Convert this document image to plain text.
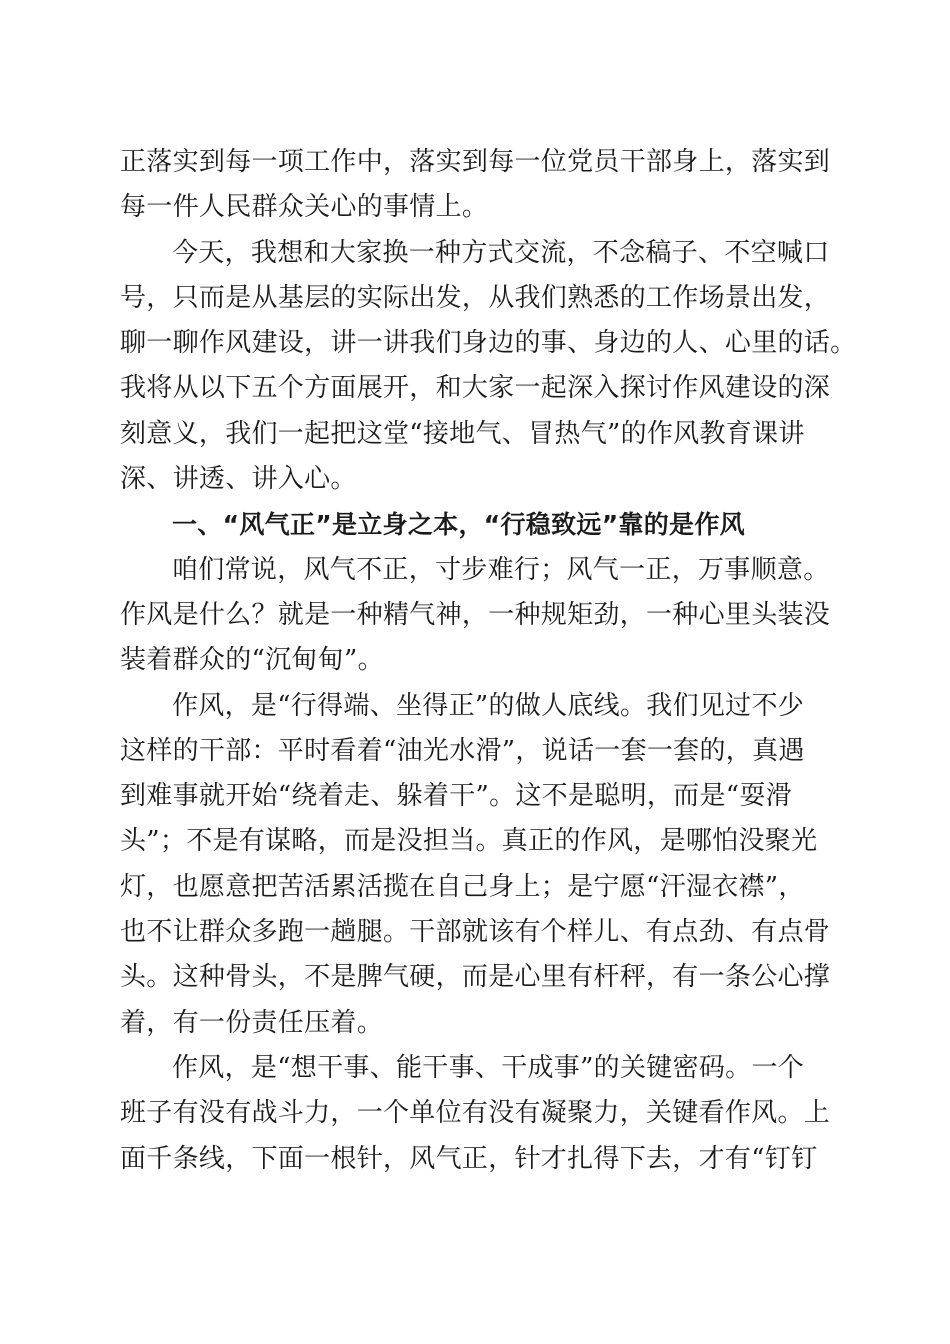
正落实到每一项工作中，落实到每一位党员干部身上，落实到
每一件人民群众关心的事情上。
今天，我想和大家换一种方式交流，不念稿子、不空喊口
号，只而是从基层的实际出发，从我们熟悉的工作场景出发，
聊一聊作风建设，讲一讲我们身边的事、身边的人、心里的话。
我将从以下五个方面展开，和大家一起深入探讨作风建设的深
刻意义，我们一起把这堂“接地气、冒热气”的作风教育课讲
深、讲透、讲入心。
一、“风气正”是立身之本，“行稳致远”靠的是作风
咱们常说，风气不正，寸步难行；风气一正，万事顺意。
作风是什么？就是一种精气神，一种规矩劲，一种心里头装没
装着群众的“沉甸甸”。
作风，是“行得端、坐得正”的做人底线。我们见过不少
这样的干部：平时看着“油光水滑”，说话一套一套的，真遇
到难事就开始“绕着走、躲着干”。这不是聪明，而是“耍滑
头”；不是有谋略，而是没担当。真正的作风，是哪怕没聚光
灯，也愿意把苦活累活揽在自己身上；是宁愿“汗湿衣襟”，
也不让群众多跑一趟腿。干部就该有个样儿、有点劲、有点骨
头。这种骨头，不是脾气硬，而是心里有杆秤，有一条公心撑
着，有一份责任压着。
作风，是“想干事、能干事、干成事”的关键密码。一个
班子有没有战斗力，一个单位有没有凝聚力，关键看作风。上
面千条线，下面一根针，风气正，针才扎得下去，才有“钉钉
